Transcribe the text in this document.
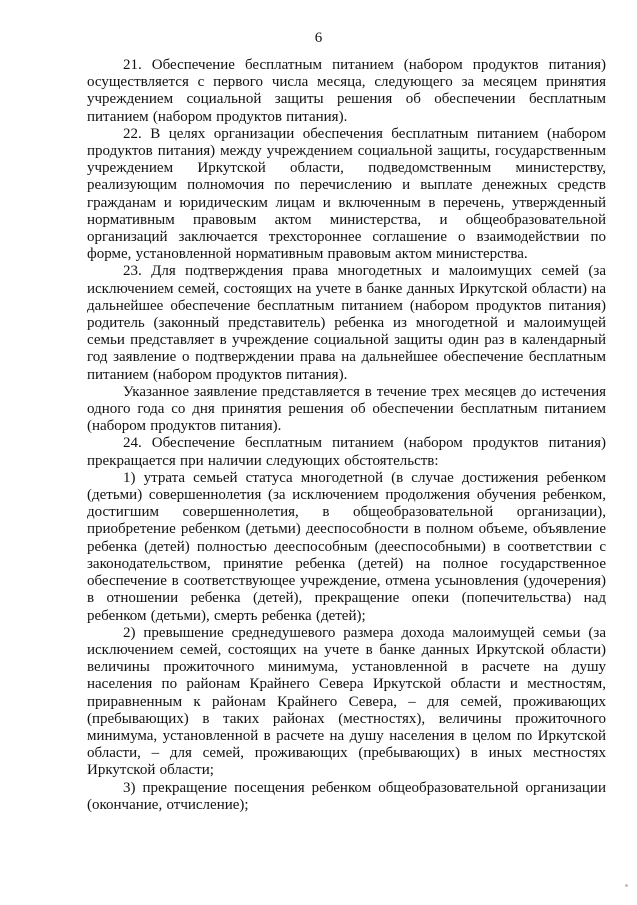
6

21. Обеспечение бесплатным питанием (набором продуктов питания) осуществляется с первого числа месяца, следующего за месяцем принятия учреждением социальной защиты решения об обеспечении бесплатным питанием (набором продуктов питания).

22. В целях организации обеспечения бесплатным питанием (набором продуктов питания) между учреждением социальной защиты, государственным учреждением Иркутской области, подведомственным министерству, реализующим полномочия по перечислению и выплате денежных средств гражданам и юридическим лицам и включенным в перечень, утвержденный нормативным правовым актом министерства, и общеобразовательной организаций заключается трехстороннее соглашение о взаимодействии по форме, установленной нормативным правовым актом министерства.

23. Для подтверждения права многодетных и малоимущих семей (за исключением семей, состоящих на учете в банке данных Иркутской области) на дальнейшее обеспечение бесплатным питанием (набором продуктов питания) родитель (законный представитель) ребенка из многодетной и малоимущей семьи представляет в учреждение социальной защиты один раз в календарный год заявление о подтверждении права на дальнейшее обеспечение бесплатным питанием (набором продуктов питания).

Указанное заявление представляется в течение трех месяцев до истечения одного года со дня принятия решения об обеспечении бесплатным питанием (набором продуктов питания).

24. Обеспечение бесплатным питанием (набором продуктов питания) прекращается при наличии следующих обстоятельств:

1) утрата семьей статуса многодетной (в случае достижения ребенком (детьми) совершеннолетия (за исключением продолжения обучения ребенком, достигшим совершеннолетия, в общеобразовательной организации), приобретение ребенком (детьми) дееспособности в полном объеме, объявление ребенка (детей) полностью дееспособным (дееспособными) в соответствии с законодательством, принятие ребенка (детей) на полное государственное обеспечение в соответствующее учреждение, отмена усыновления (удочерения) в отношении ребенка (детей), прекращение опеки (попечительства) над ребенком (детьми), смерть ребенка (детей);

2) превышение среднедушевого размера дохода малоимущей семьи (за исключением семей, состоящих на учете в банке данных Иркутской области) величины прожиточного минимума, установленной в расчете на душу населения по районам Крайнего Севера Иркутской области и местностям, приравненным к районам Крайнего Севера, – для семей, проживающих (пребывающих) в таких районах (местностях), величины прожиточного минимума, установленной в расчете на душу населения в целом по Иркутской области, – для семей, проживающих (пребывающих) в иных местностях Иркутской области;

3) прекращение посещения ребенком общеобразовательной организации (окончание, отчисление);
